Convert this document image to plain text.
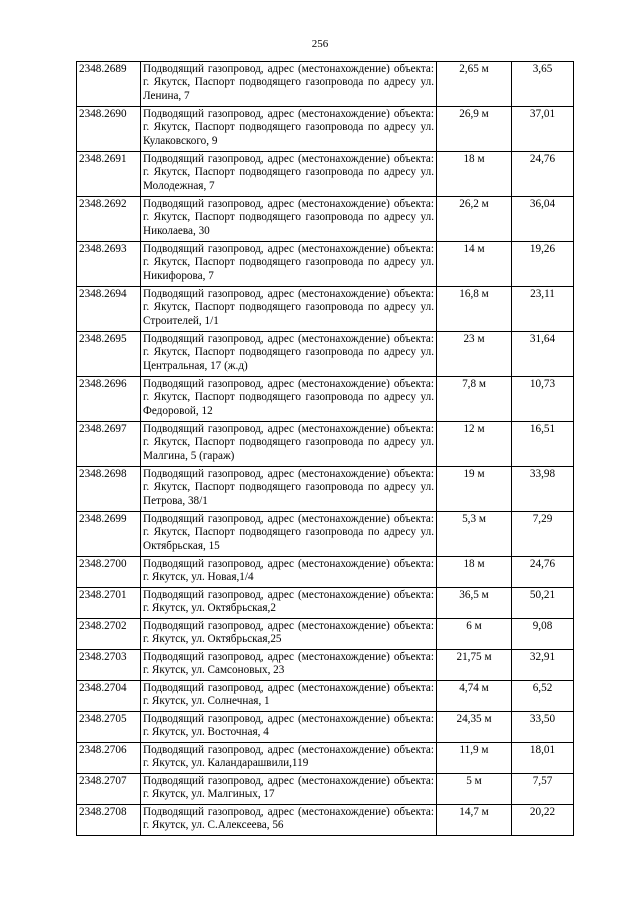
256
2348.2689	Подводящий газопровод, адрес (местонахождение) объекта: г. Якутск, Паспорт подводящего газопровода по адресу ул. Ленина, 7	2,65 м	3,65
2348.2690	Подводящий газопровод, адрес (местонахождение) объекта: г. Якутск, Паспорт подводящего газопровода по адресу ул. Кулаковского, 9	26,9 м	37,01
2348.2691	Подводящий газопровод, адрес (местонахождение) объекта: г. Якутск, Паспорт подводящего газопровода по адресу ул. Молодежная, 7	18 м	24,76
2348.2692	Подводящий газопровод, адрес (местонахождение) объекта: г. Якутск, Паспорт подводящего газопровода по адресу ул. Николаева, 30	26,2 м	36,04
2348.2693	Подводящий газопровод, адрес (местонахождение) объекта: г. Якутск, Паспорт подводящего газопровода по адресу ул. Никифорова, 7	14 м	19,26
2348.2694	Подводящий газопровод, адрес (местонахождение) объекта: г. Якутск, Паспорт подводящего газопровода по адресу ул. Строителей, 1/1	16,8 м	23,11
2348.2695	Подводящий газопровод, адрес (местонахождение) объекта: г. Якутск, Паспорт подводящего газопровода по адресу ул. Центральная, 17 (ж.д)	23 м	31,64
2348.2696	Подводящий газопровод, адрес (местонахождение) объекта: г. Якутск, Паспорт подводящего газопровода по адресу ул. Федоровой, 12	7,8 м	10,73
2348.2697	Подводящий газопровод, адрес (местонахождение) объекта: г. Якутск, Паспорт подводящего газопровода по адресу ул. Малгина, 5 (гараж)	12 м	16,51
2348.2698	Подводящий газопровод, адрес (местонахождение) объекта: г. Якутск, Паспорт подводящего газопровода по адресу ул. Петрова, 38/1	19 м	33,98
2348.2699	Подводящий газопровод, адрес (местонахождение) объекта: г. Якутск, Паспорт подводящего газопровода по адресу ул. Октябрьская, 15	5,3 м	7,29
2348.2700	Подводящий газопровод, адрес (местонахождение) объекта: г. Якутск, ул. Новая,1/4	18 м	24,76
2348.2701	Подводящий газопровод, адрес (местонахождение) объекта: г. Якутск, ул. Октябрьская,2	36,5 м	50,21
2348.2702	Подводящий газопровод, адрес (местонахождение) объекта: г. Якутск, ул. Октябрьская,25	6 м	9,08
2348.2703	Подводящий газопровод, адрес (местонахождение) объекта: г. Якутск, ул. Самсоновых, 23	21,75 м	32,91
2348.2704	Подводящий газопровод, адрес (местонахождение) объекта: г. Якутск, ул. Солнечная, 1	4,74 м	6,52
2348.2705	Подводящий газопровод, адрес (местонахождение) объекта: г. Якутск, ул. Восточная, 4	24,35 м	33,50
2348.2706	Подводящий газопровод, адрес (местонахождение) объекта: г. Якутск, ул. Каландарашвили,119	11,9 м	18,01
2348.2707	Подводящий газопровод, адрес (местонахождение) объекта: г. Якутск, ул. Малгиных, 17	5 м	7,57
2348.2708	Подводящий газопровод, адрес (местонахождение) объекта: г. Якутск, ул. С.Алексеева, 56	14,7 м	20,22
